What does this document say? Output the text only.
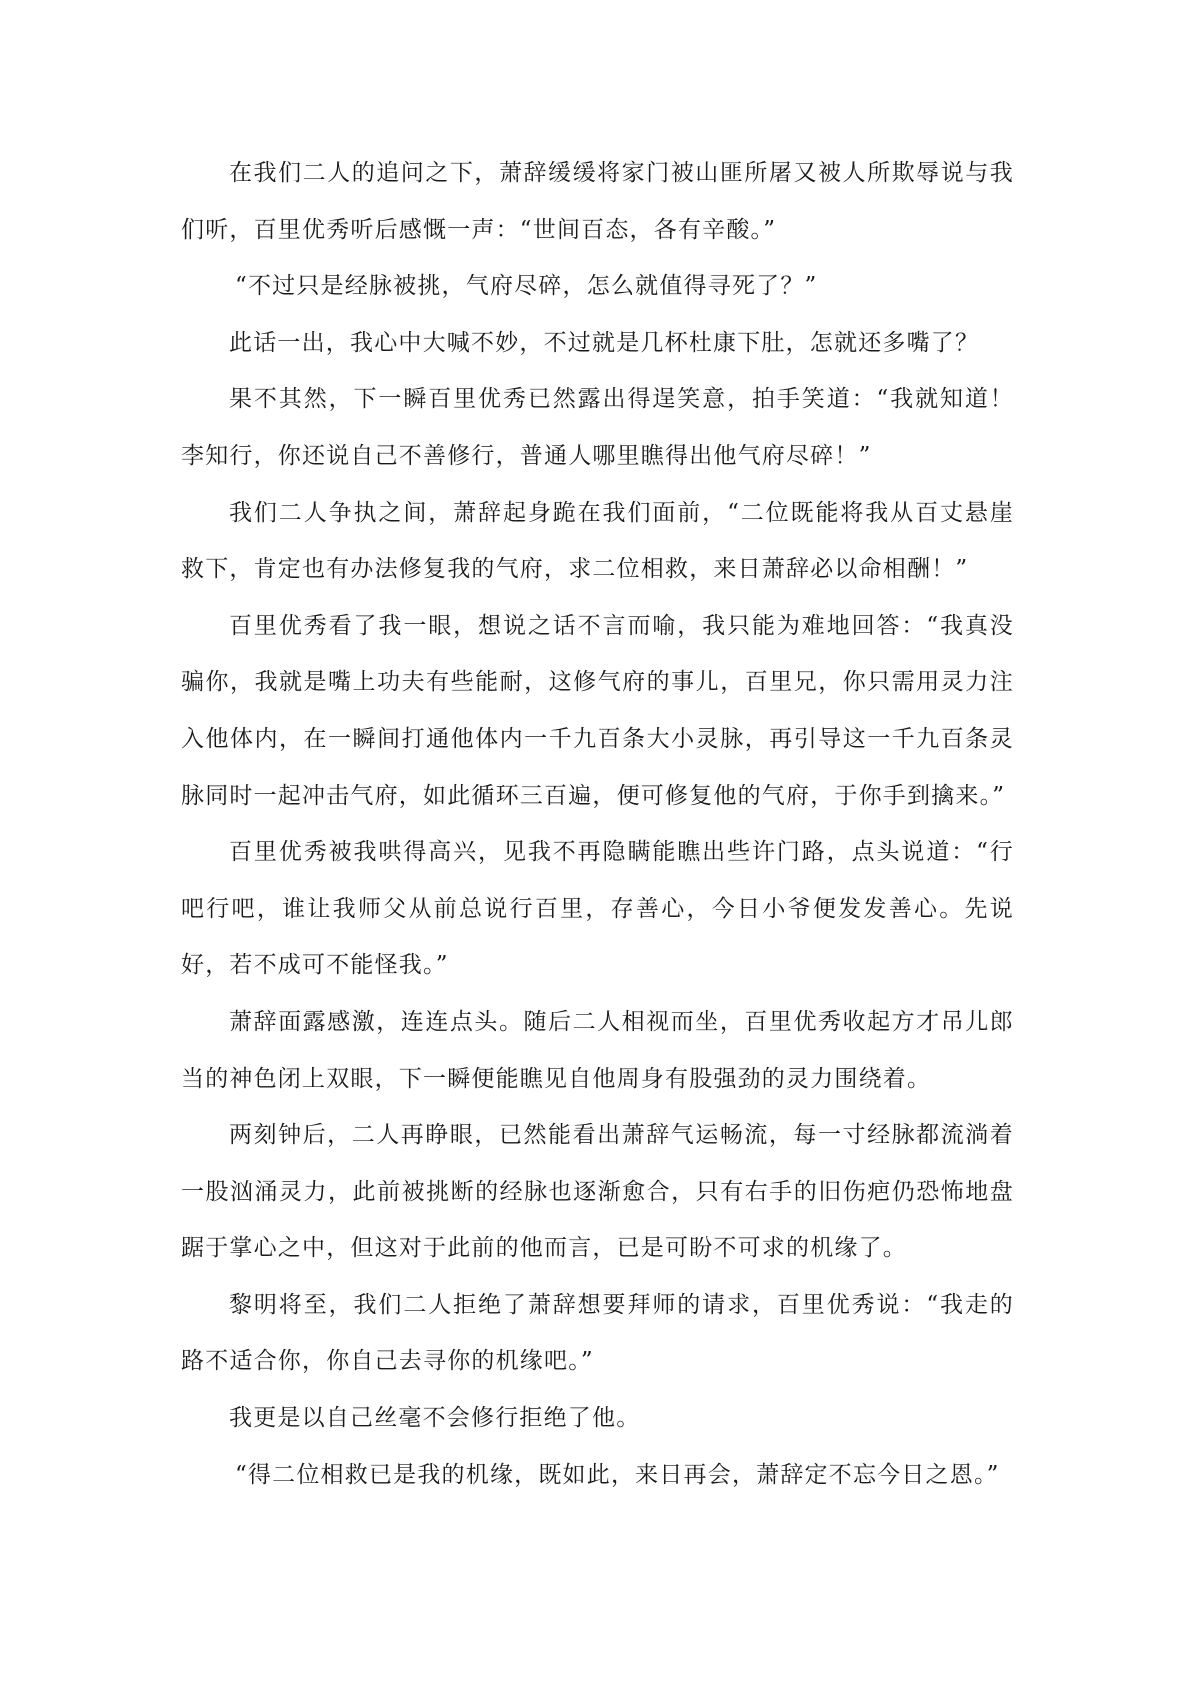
在我们二人的追问之下，萧辞缓缓将家门被山匪所屠又被人所欺辱说与我们听，百里优秀听后感慨一声：“世间百态，各有辛酸。”

“不过只是经脉被挑，气府尽碎，怎么就值得寻死了？”

此话一出，我心中大喊不妙，不过就是几杯杜康下肚，怎就还多嘴了？

果不其然，下一瞬百里优秀已然露出得逞笑意，拍手笑道：“我就知道！李知行，你还说自己不善修行，普通人哪里瞧得出他气府尽碎！”

我们二人争执之间，萧辞起身跪在我们面前，“二位既能将我从百丈悬崖救下，肯定也有办法修复我的气府，求二位相救，来日萧辞必以命相酬！”

百里优秀看了我一眼，想说之话不言而喻，我只能为难地回答：“我真没骗你，我就是嘴上功夫有些能耐，这修气府的事儿，百里兄，你只需用灵力注入他体内，在一瞬间打通他体内一千九百条大小灵脉，再引导这一千九百条灵脉同时一起冲击气府，如此循环三百遍，便可修复他的气府，于你手到擒来。”

百里优秀被我哄得高兴，见我不再隐瞒能瞧出些许门路，点头说道：“行吧行吧，谁让我师父从前总说行百里，存善心，今日小爷便发发善心。先说好，若不成可不能怪我。”

萧辞面露感激，连连点头。随后二人相视而坐，百里优秀收起方才吊儿郎当的神色闭上双眼，下一瞬便能瞧见自他周身有股强劲的灵力围绕着。

两刻钟后，二人再睁眼，已然能看出萧辞气运畅流，每一寸经脉都流淌着一股汹涌灵力，此前被挑断的经脉也逐渐愈合，只有右手的旧伤疤仍恐怖地盘踞于掌心之中，但这对于此前的他而言，已是可盼不可求的机缘了。

黎明将至，我们二人拒绝了萧辞想要拜师的请求，百里优秀说：“我走的路不适合你，你自己去寻你的机缘吧。”

我更是以自己丝毫不会修行拒绝了他。

“得二位相救已是我的机缘，既如此，来日再会，萧辞定不忘今日之恩。”
